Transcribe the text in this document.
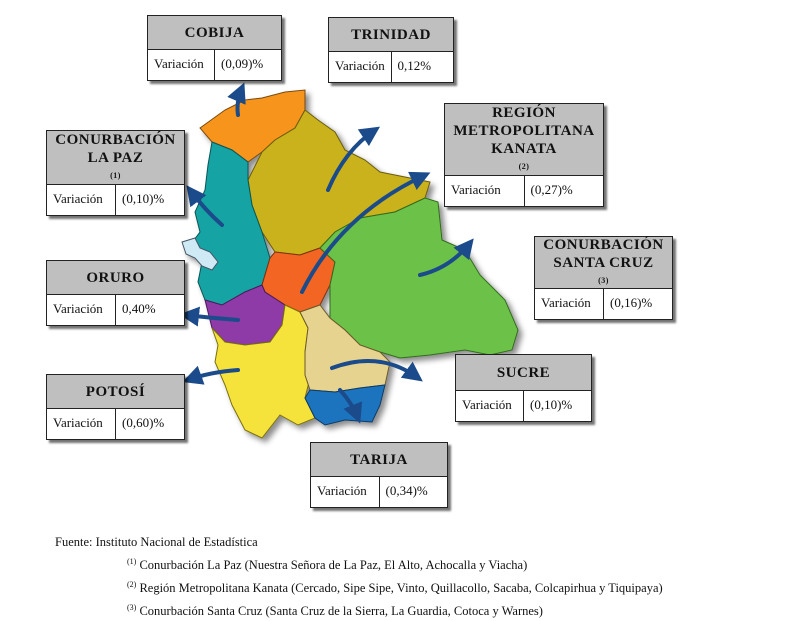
COBIJA
Variación	(0,09)%
TRINIDAD
Variación 0,12%
REGIÓN METROPOLITANA KANATA
(2)
Variación	(0,27)%
CONURBACIÓN LA PAZ
(1)
Variación	(0,10)%
CONURBACIÓN SANTA CRUZ
(3)
Variación	(0,16)%
ORURO
Variación	0,40%
SUCRE
Variación	(0,10)%
POTOSÍ
Variación	(0,60)%
TARIJA
Variación	(0,34)%
Fuente: Instituto Nacional de Estadística
$^{(1)}$ Conurbación La Paz (Nuestra Señora de La Paz, El Alto, Achocalla y Viacha)
$^{(2)}$ Región Metropolitana Kanata (Cercado, Sipe Sipe, Vinto, Quillacollo, Sacaba, Colcapirhua y Tiquipaya)
$^{(3)}$ Conurbación Santa Cruz (Santa Cruz de la Sierra, La Guardia, Cotoca y Warnes)
